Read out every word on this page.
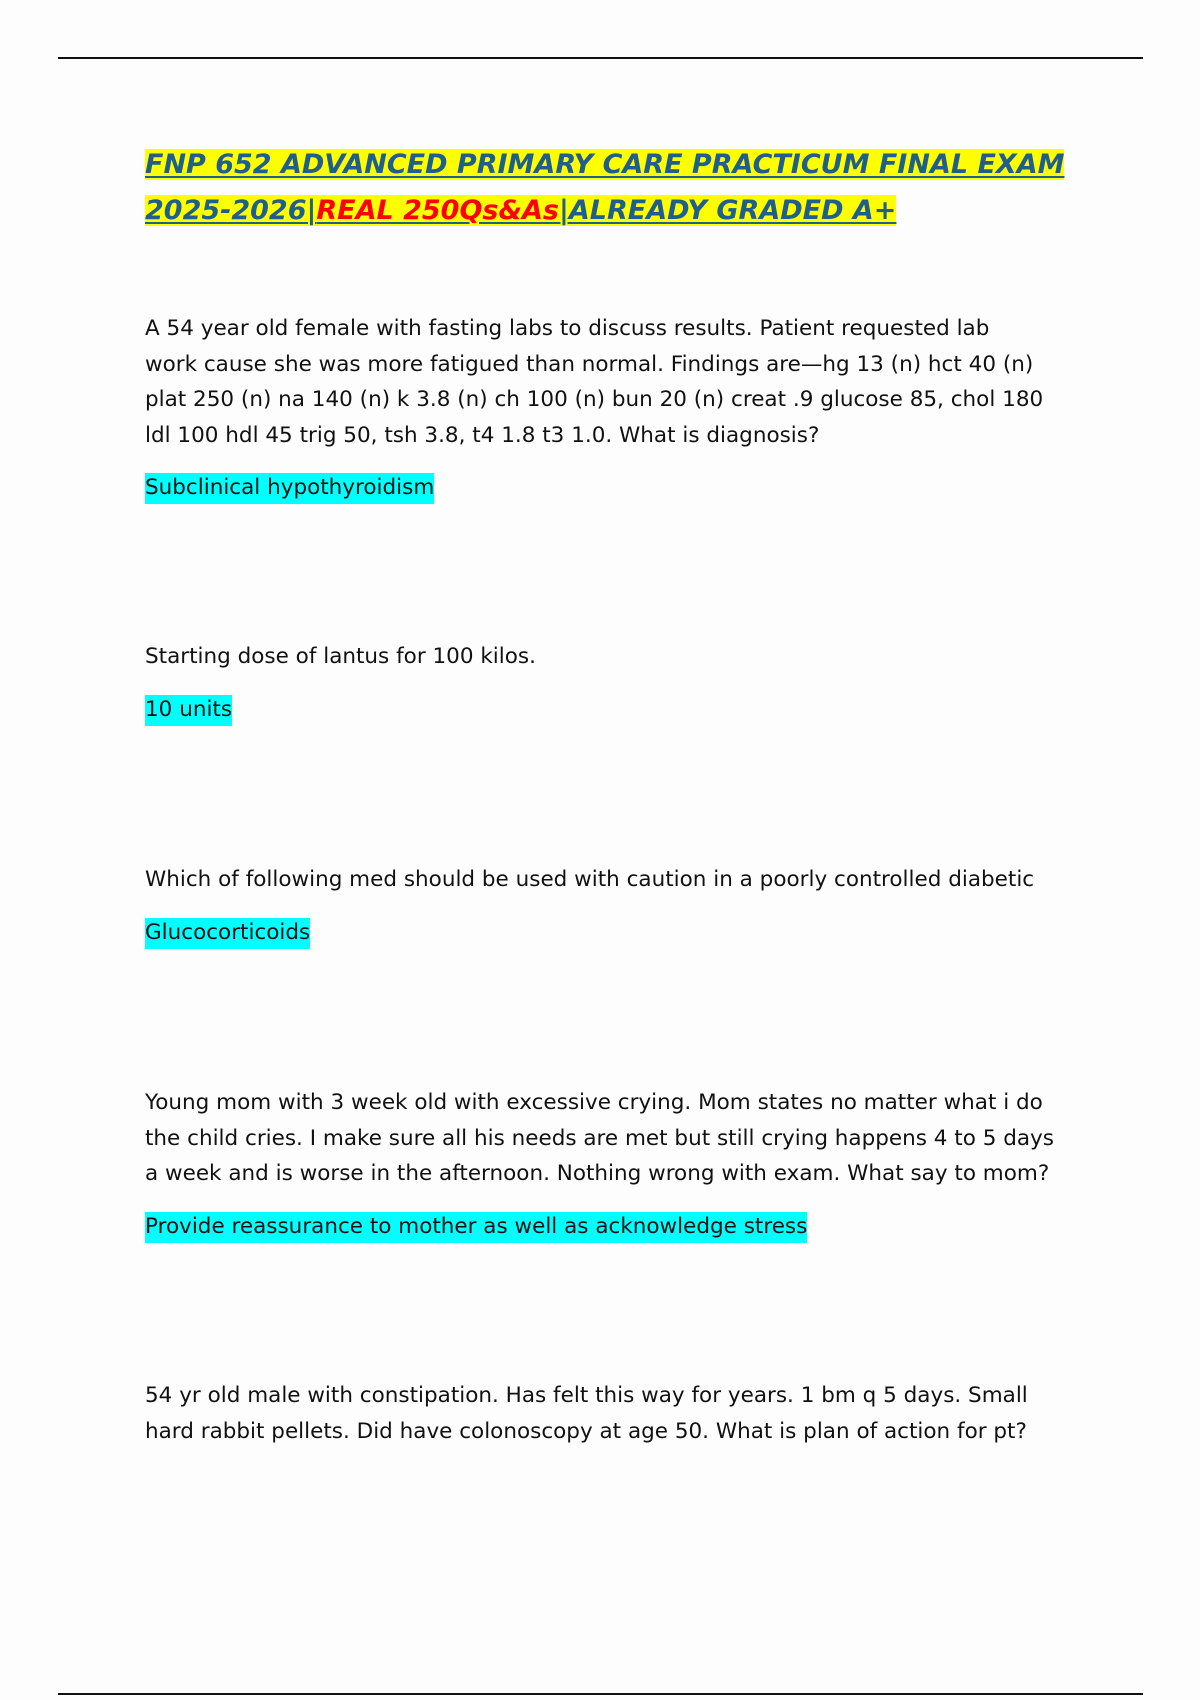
FNP 652 ADVANCED PRIMARY CARE PRACTICUM FINAL EXAM
2025-2026|REAL 250Qs&As|ALREADY GRADED A+

A 54 year old female with fasting labs to discuss results. Patient requested lab
work cause she was more fatigued than normal. Findings are—hg 13 (n) hct 40 (n)
plat 250 (n) na 140 (n) k 3.8 (n) ch 100 (n) bun 20 (n) creat .9 glucose 85, chol 180
ldl 100 hdl 45 trig 50, tsh 3.8, t4 1.8 t3 1.0. What is diagnosis?

Subclinical hypothyroidism

Starting dose of lantus for 100 kilos.

10 units

Which of following med should be used with caution in a poorly controlled diabetic

Glucocorticoids

Young mom with 3 week old with excessive crying. Mom states no matter what i do
the child cries. I make sure all his needs are met but still crying happens 4 to 5 days
a week and is worse in the afternoon. Nothing wrong with exam. What say to mom?

Provide reassurance to mother as well as acknowledge stress

54 yr old male with constipation. Has felt this way for years. 1 bm q 5 days. Small
hard rabbit pellets. Did have colonoscopy at age 50. What is plan of action for pt?
